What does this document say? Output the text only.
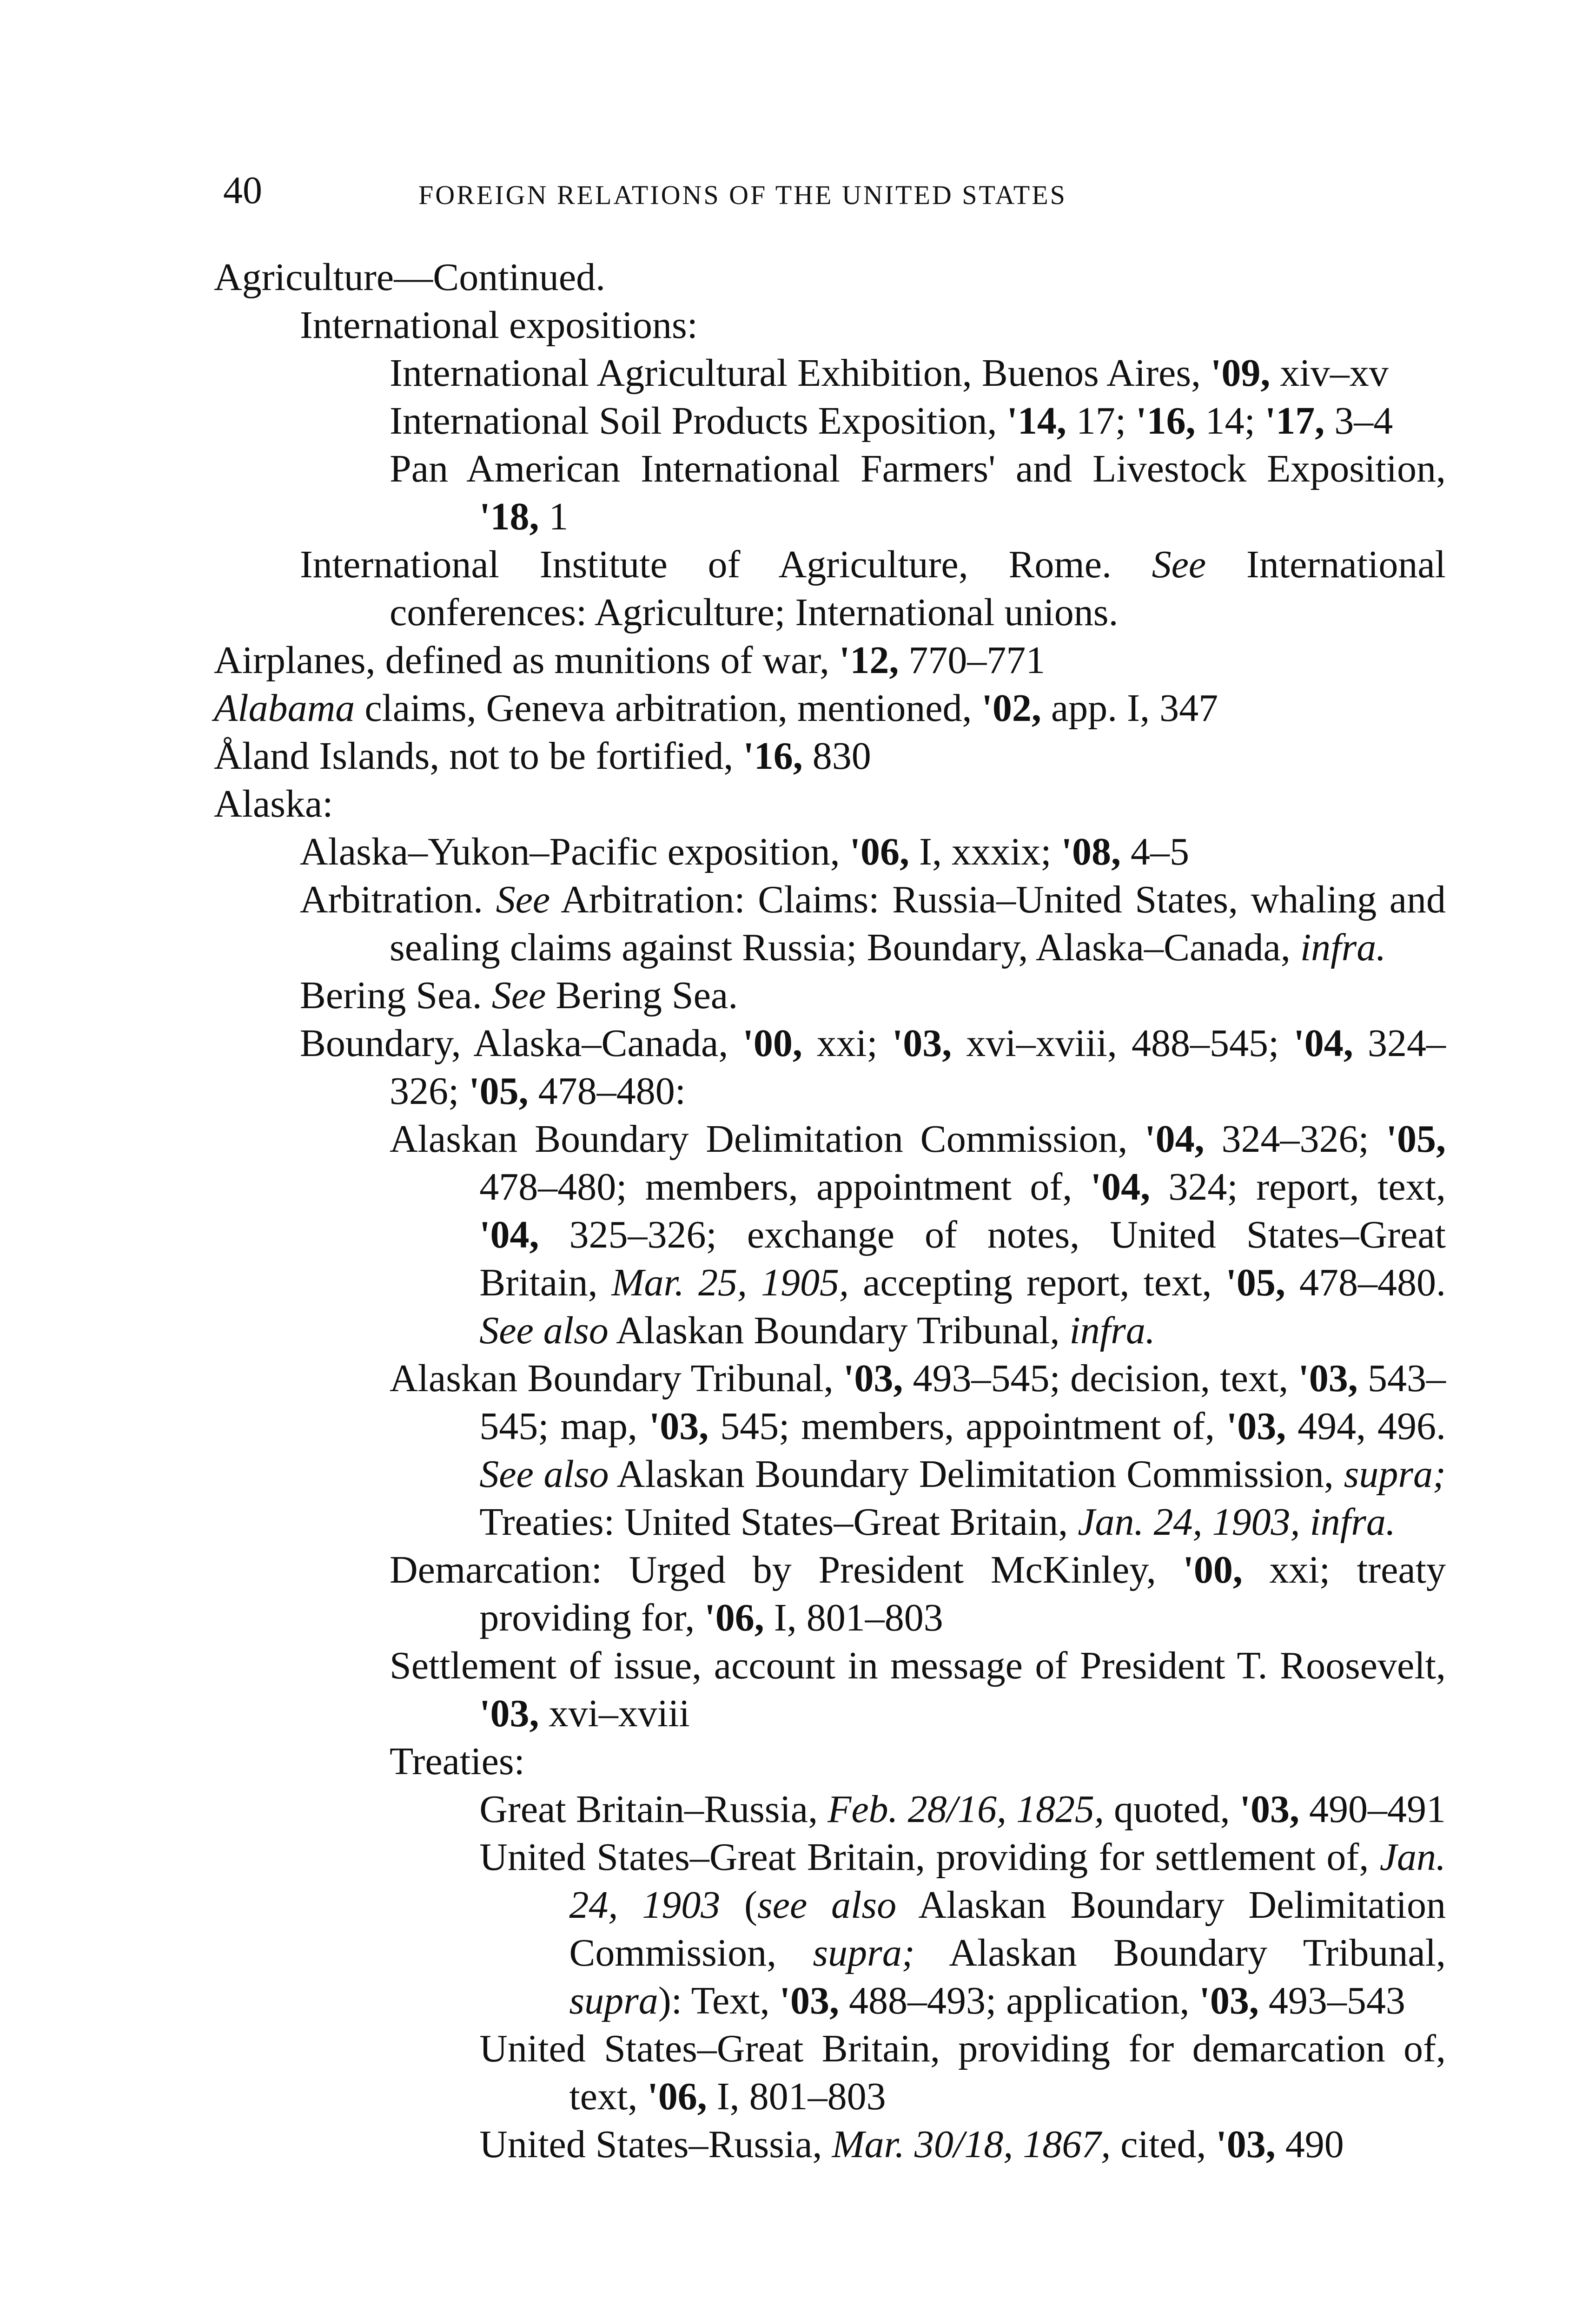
40	FOREIGN RELATIONS OF THE UNITED STATES

Agriculture—Continued.

International expositions:

International Agricultural Exhibition, Buenos Aires, '09, xiv–xv

International Soil Products Exposition, '14, 17; '16, 14; '17, 3–4

Pan American International Farmers' and Livestock Exposition, '18, 1

International Institute of Agriculture, Rome. See International conferences: Agriculture; International unions.

Airplanes, defined as munitions of war, '12, 770–771

Alabama claims, Geneva arbitration, mentioned, '02, app. I, 347

Åland Islands, not to be fortified, '16, 830

Alaska:

Alaska–Yukon–Pacific exposition, '06, I, xxxix; '08, 4–5

Arbitration. See Arbitration: Claims: Russia–United States, whaling and sealing claims against Russia; Boundary, Alaska–Canada, infra.

Bering Sea. See Bering Sea.

Boundary, Alaska–Canada, '00, xxi; '03, xvi–xviii, 488–545; '04, 324–326; '05, 478–480:

Alaskan Boundary Delimitation Commission, '04, 324–326; '05, 478–480; members, appointment of, '04, 324; report, text, '04, 325–326; exchange of notes, United States–Great Britain, Mar. 25, 1905, accepting report, text, '05, 478–480. See also Alaskan Boundary Tribunal, infra.

Alaskan Boundary Tribunal, '03, 493–545; decision, text, '03, 543–545; map, '03, 545; members, appointment of, '03, 494, 496. See also Alaskan Boundary Delimitation Commission, supra; Treaties: United States–Great Britain, Jan. 24, 1903, infra.

Demarcation: Urged by President McKinley, '00, xxi; treaty providing for, '06, I, 801–803

Settlement of issue, account in message of President T. Roosevelt, '03, xvi–xviii

Treaties:

Great Britain–Russia, Feb. 28/16, 1825, quoted, '03, 490–491

United States–Great Britain, providing for settlement of, Jan. 24, 1903 (see also Alaskan Boundary Delimitation Commission, supra; Alaskan Boundary Tribunal, supra): Text, '03, 488–493; application, '03, 493–543

United States–Great Britain, providing for demarcation of, text, '06, I, 801–803

United States–Russia, Mar. 30/18, 1867, cited, '03, 490
